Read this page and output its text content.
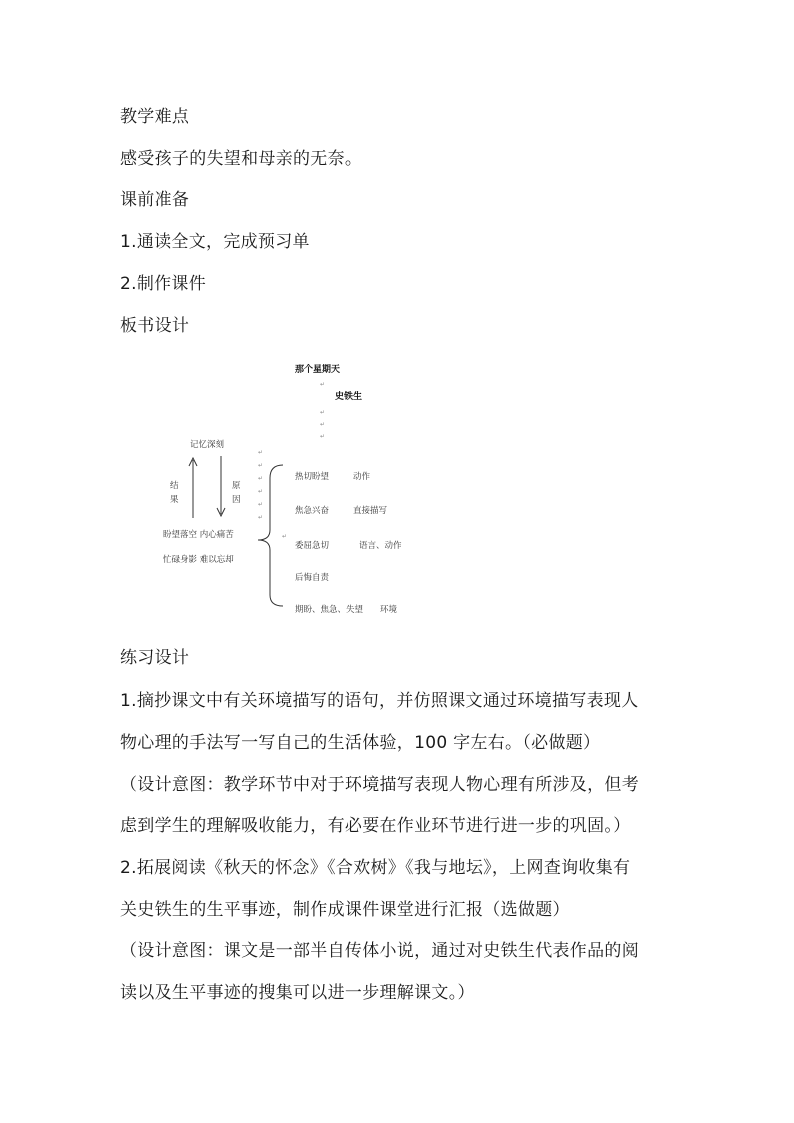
教学难点
感受孩子的失望和母亲的无奈。
课前准备
1.通读全文，完成预习单
2.制作课件
板书设计
那个星期天
↵
史铁生
↵
↵
↵
记忆深刻
结
果
原
因
盼望落空 内心痛苦
忙碌身影 难以忘却
↵
↵
↵
↵
↵
↵
↵
热切盼望	动作
焦急兴奋	直接描写
委屈急切	语言、动作
后悔自责
期盼、焦急、失望 环境
练习设计
1.摘抄课文中有关环境描写的语句，并仿照课文通过环境描写表现人
物心理的手法写一写自己的生活体验，100 字左右。（必做题）
（设计意图：教学环节中对于环境描写表现人物心理有所涉及，但考
虑到学生的理解吸收能力，有必要在作业环节进行进一步的巩固。）
2.拓展阅读《秋天的怀念》《合欢树》《我与地坛》，上网查询收集有
关史铁生的生平事迹，制作成课件课堂进行汇报（选做题）
（设计意图：课文是一部半自传体小说，通过对史铁生代表作品的阅
读以及生平事迹的搜集可以进一步理解课文。）
